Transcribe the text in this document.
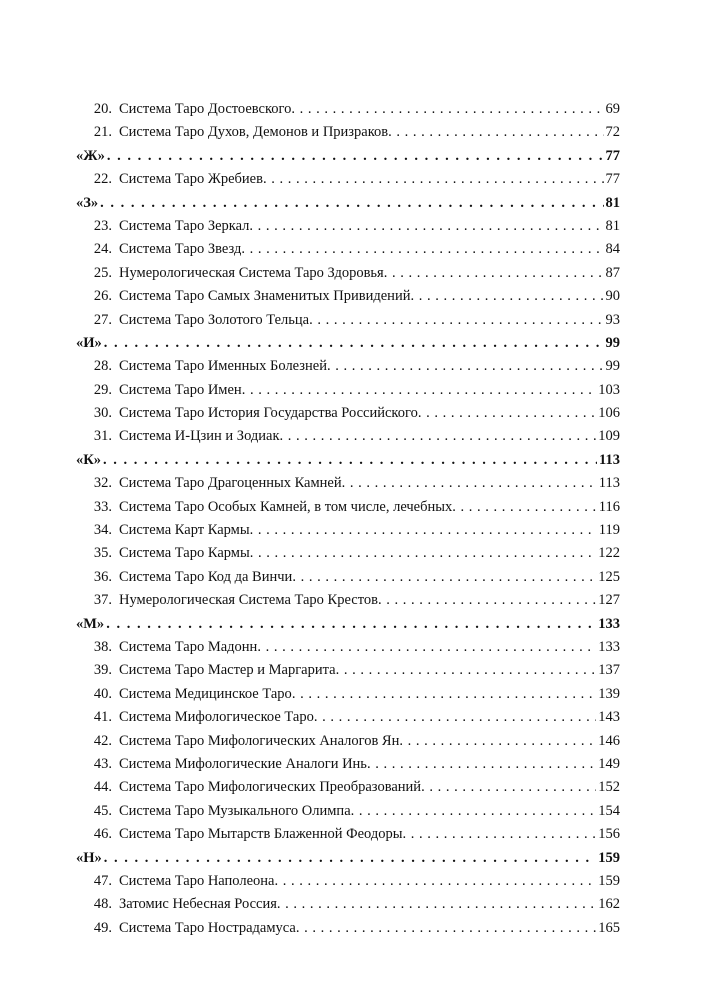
20. Система Таро Достоевского . . .	69
21. Система Таро Духов, Демонов и Призраков . . .	72
«Ж» . . .	77
22. Система Таро Жребиев . . .	77
«З» . . .	81
23. Система Таро Зеркал . . .	81
24. Система Таро Звезд . . .	84
25. Нумерологическая Система Таро Здоровья . . .	87
26. Система Таро Самых Знаменитых Привидений . . .	90
27. Система Таро Золотого Тельца . . .	93
«И» . . .	99
28. Система Таро Именных Болезней . . .	99
29. Система Таро Имен . . .	103
30. Система Таро История Государства Российского . . .	106
31. Система И-Цзин и Зодиак . . .	109
«К» . . .	113
32. Система Таро Драгоценных Камней . . .	113
33. Система Таро Особых Камней, в том числе, лечебных . . .	116
34. Система Карт Кармы . . .	119
35. Система Таро Кармы . . .	122
36. Система Таро Код да Винчи . . .	125
37. Нумерологическая Система Таро Крестов . . .	127
«М» . . .	133
38. Система Таро Мадонн . . .	133
39. Система Таро Мастер и Маргарита . . .	137
40. Система Медицинское Таро . . .	139
41. Система Мифологическое Таро . . .	143
42. Система Таро Мифологических Аналогов Ян . . .	146
43. Система Мифологические Аналоги Инь . . .	149
44. Система Таро Мифологических Преобразований . . .	152
45. Система Таро Музыкального Олимпа . . .	154
46. Система Таро Мытарств Блаженной Феодоры . . .	156
«Н» . . .	159
47. Система Таро Наполеона . . .	159
48. Затомис Небесная Россия . . .	162
49. Система Таро Нострадамуса . . .	165
